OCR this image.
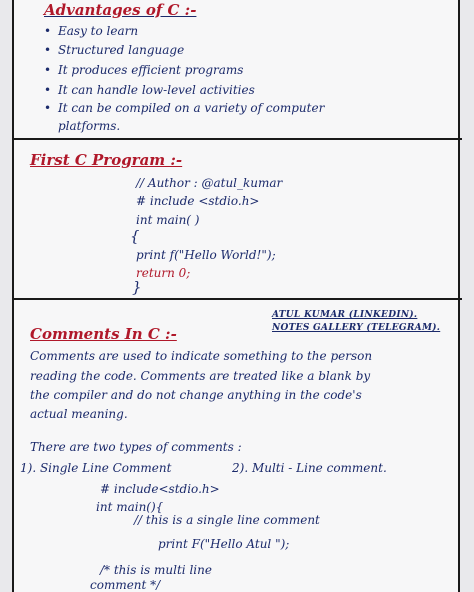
Advantages of C :-
• Easy to learn
• Structured language
• It produces efficient programs
• It can handle low-level activities
• It can be compiled on a variety of computer
platforms.
First C Program :-
// Author : @atul_kumar
# include <stdio.h>
int main( )
{
print f("Hello World!");
return 0;
}
ATUL KUMAR (LINKEDIN).
NOTES GALLERY (TELEGRAM).
Comments In C :-
Comments are used to indicate something to the person
reading the code. Comments are treated like a blank by
the compiler and do not change anything in the code's
actual meaning.
There are two types of comments :
1). Single Line Comment	2). Multi - Line comment.
# include<stdio.h>
int main(){
// this is a single line comment
print F("Hello Atul ");
/* this is multi line
comment */
